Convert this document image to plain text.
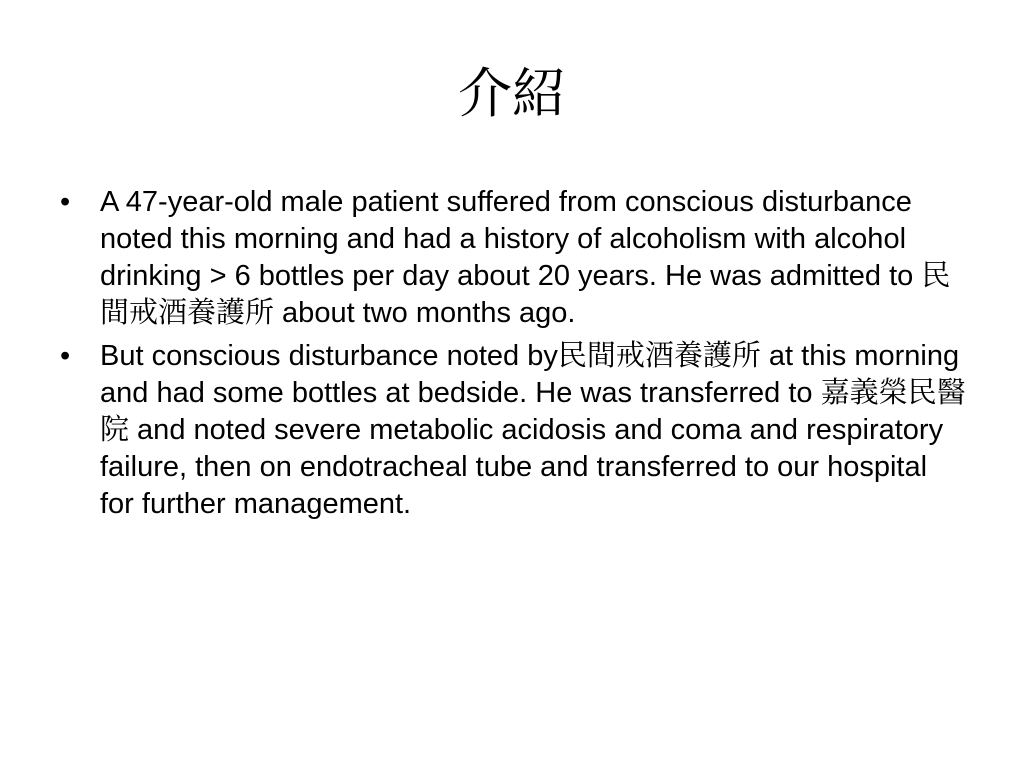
介紹
• A 47-year-old male patient suffered from conscious disturbance noted this morning and had a history of alcoholism with alcohol drinking > 6 bottles per day about 20 years. He was admitted to 民間戒酒養護所 about two months ago.
• But conscious disturbance noted by民間戒酒養護所 at this morning and had some bottles at bedside. He was transferred to 嘉義榮民醫院 and noted severe metabolic acidosis and coma and respiratory failure, then on endotracheal tube and transferred to our hospital for further management.
